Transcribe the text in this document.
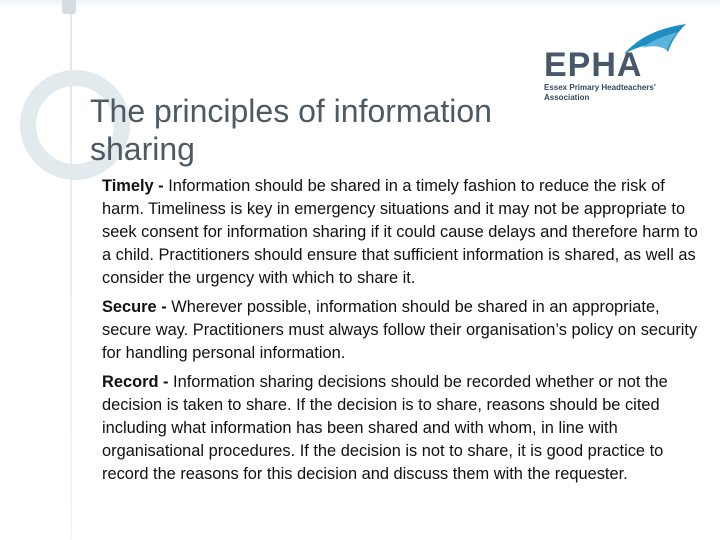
EPHA
Essex Primary Headteachers' Association
The principles of information sharing

Timely - Information should be shared in a timely fashion to reduce the risk of harm. Timeliness is key in emergency situations and it may not be appropriate to seek consent for information sharing if it could cause delays and therefore harm to a child. Practitioners should ensure that sufficient information is shared, as well as consider the urgency with which to share it.

Secure - Wherever possible, information should be shared in an appropriate, secure way. Practitioners must always follow their organisation’s policy on security for handling personal information.

Record - Information sharing decisions should be recorded whether or not the decision is taken to share. If the decision is to share, reasons should be cited including what information has been shared and with whom, in line with organisational procedures. If the decision is not to share, it is good practice to record the reasons for this decision and discuss them with the requester.
